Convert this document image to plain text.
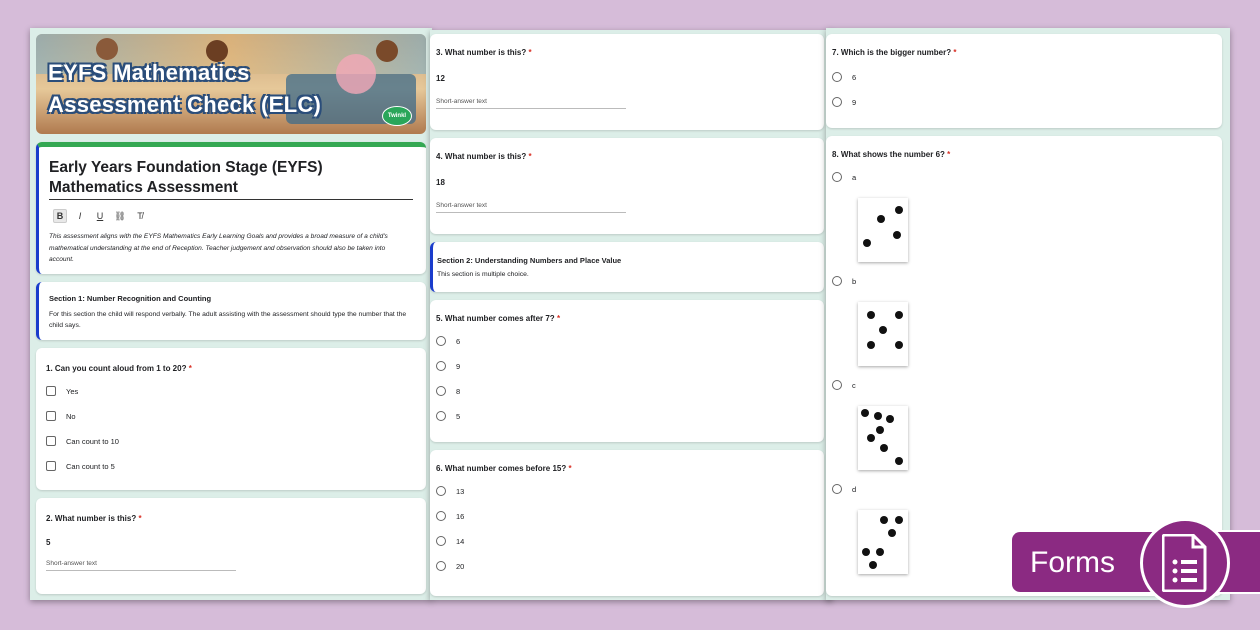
EYFS Mathematics
Assessment Check (ELC)	Twinkl
Early Years Foundation Stage (EYFS)
Mathematics Assessment
B	I	U	⛓	T̸
This assessment aligns with the EYFS Mathematics Early Learning Goals and provides a broad measure of a child's mathematical understanding at the end of Reception. Teacher judgement and observation should also be taken into account.
Section 1: Number Recognition and Counting
For this section the child will respond verbally. The adult assisting with the assessment should type the number that the child says.
1. Can you count aloud from 1 to 20? *
Yes
No
Can count to 10
Can count to 5
2. What number is this? *
5
Short-answer text
3. What number is this? *
12
Short-answer text
4. What number is this? *
18
Short-answer text
Section 2: Understanding Numbers and Place Value
This section is multiple choice.
5. What number comes after 7? *
6
9
8
5
6. What number comes before 15? *
13
16
14
20
7. Which is the bigger number? *
6
9
8. What shows the number 6? *
a
b
c
d
Forms
